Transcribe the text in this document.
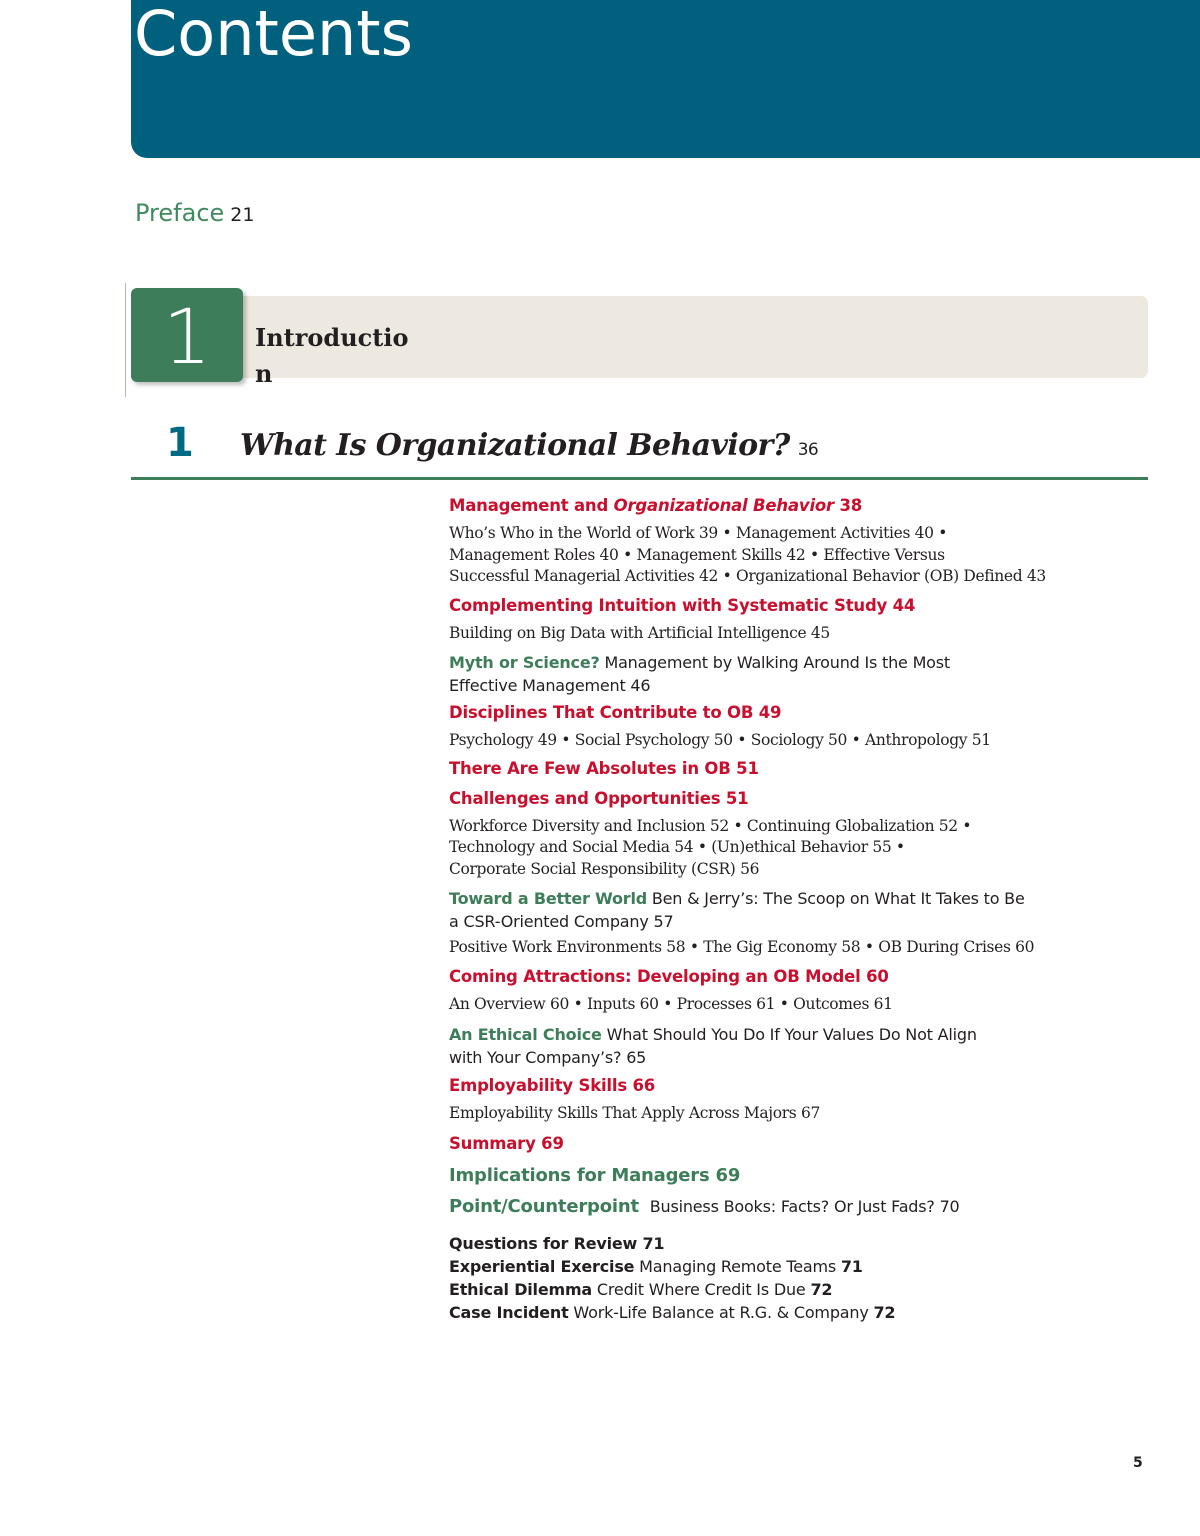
Contents
Preface 21
1	Introductio n
1 What Is Organizational Behavior? 36
Management and Organizational Behavior 38
Who’s Who in the World of Work 39 • Management Activities 40 •
Management Roles 40 • Management Skills 42 • Effective Versus
Successful Managerial Activities 42 • Organizational Behavior (OB) Defined 43
Complementing Intuition with Systematic Study 44
Building on Big Data with Artificial Intelligence 45
Myth or Science? Management by Walking Around Is the Most
Effective Management 46
Disciplines That Contribute to OB 49
Psychology 49 • Social Psychology 50 • Sociology 50 • Anthropology 51
There Are Few Absolutes in OB 51
Challenges and Opportunities 51
Workforce Diversity and Inclusion 52 • Continuing Globalization 52 •
Technology and Social Media 54 • (Un)ethical Behavior 55 •
Corporate Social Responsibility (CSR) 56
Toward a Better World Ben & Jerry’s: The Scoop on What It Takes to Be
a CSR-Oriented Company 57
Positive Work Environments 58 • The Gig Economy 58 • OB During Crises 60
Coming Attractions: Developing an OB Model 60
An Overview 60 • Inputs 60 • Processes 61 • Outcomes 61
An Ethical Choice What Should You Do If Your Values Do Not Align
with Your Company’s? 65
Employability Skills 66
Employability Skills That Apply Across Majors 67
Summary 69
Implications for Managers 69
Point/Counterpoint Business Books: Facts? Or Just Fads? 70
Questions for Review 71
Experiential Exercise Managing Remote Teams 71
Ethical Dilemma Credit Where Credit Is Due 72
Case Incident Work-Life Balance at R.G. & Company 72
5
